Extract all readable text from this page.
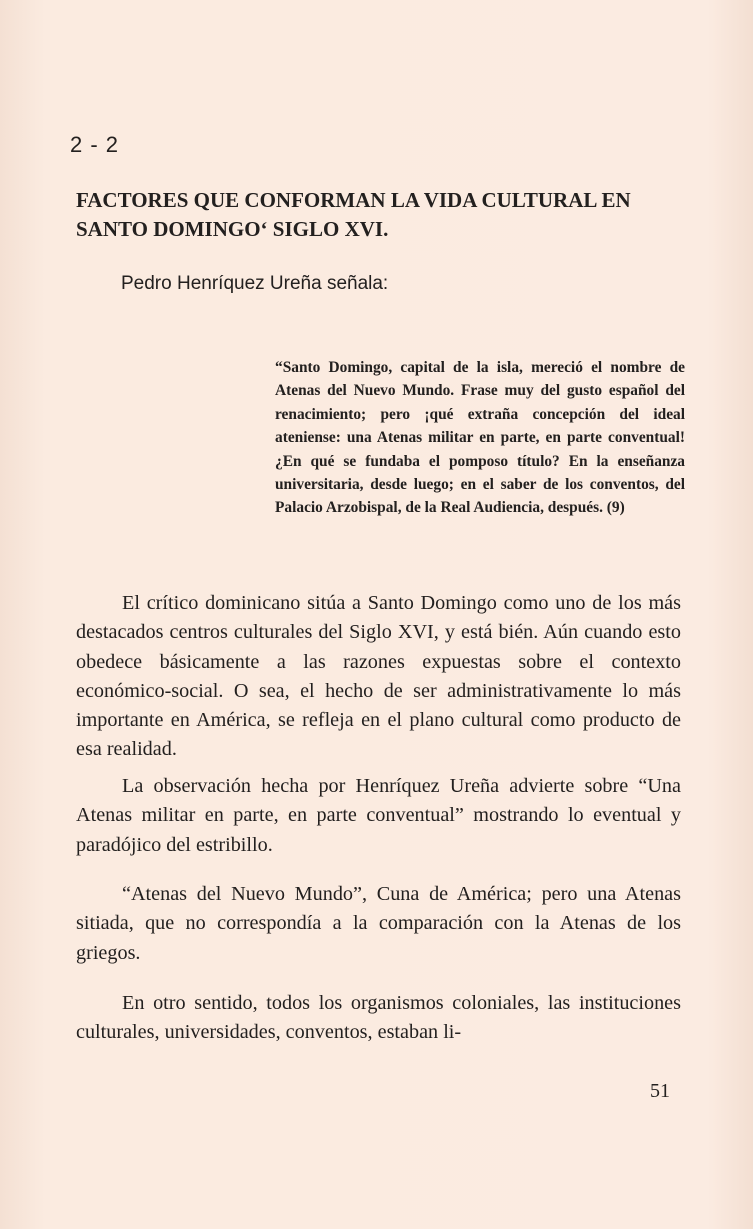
2 - 2
FACTORES QUE CONFORMAN LA VIDA CULTURAL EN SANTO DOMINGO‘ SIGLO XVI.
Pedro Henríquez Ureña señala:
“Santo Domingo, capital de la isla, mereció el nombre de Atenas del Nuevo Mundo. Frase muy del gusto español del renacimiento; pero ¡qué extraña concepción del ideal ateniense: una Atenas militar en parte, en parte conventual! ¿En qué se fundaba el pomposo título? En la enseñanza universitaria, desde luego; en el saber de los conventos, del Palacio Arzobispal, de la Real Audiencia, después. (9)
El crítico dominicano sitúa a Santo Domingo como uno de los más destacados centros culturales del Siglo XVI, y está bién. Aún cuando esto obedece básicamente a las razones expuestas sobre el contexto económico-social. O sea, el hecho de ser administrativamente lo más importante en América, se refleja en el plano cultural como producto de esa realidad.
La observación hecha por Henríquez Ureña advierte sobre “Una Atenas militar en parte, en parte conventual” mostrando lo eventual y paradójico del estribillo.
“Atenas del Nuevo Mundo”, Cuna de América; pero una Atenas sitiada, que no correspondía a la comparación con la Atenas de los griegos.
En otro sentido, todos los organismos coloniales, las instituciones culturales, universidades, conventos, estaban li-
51
